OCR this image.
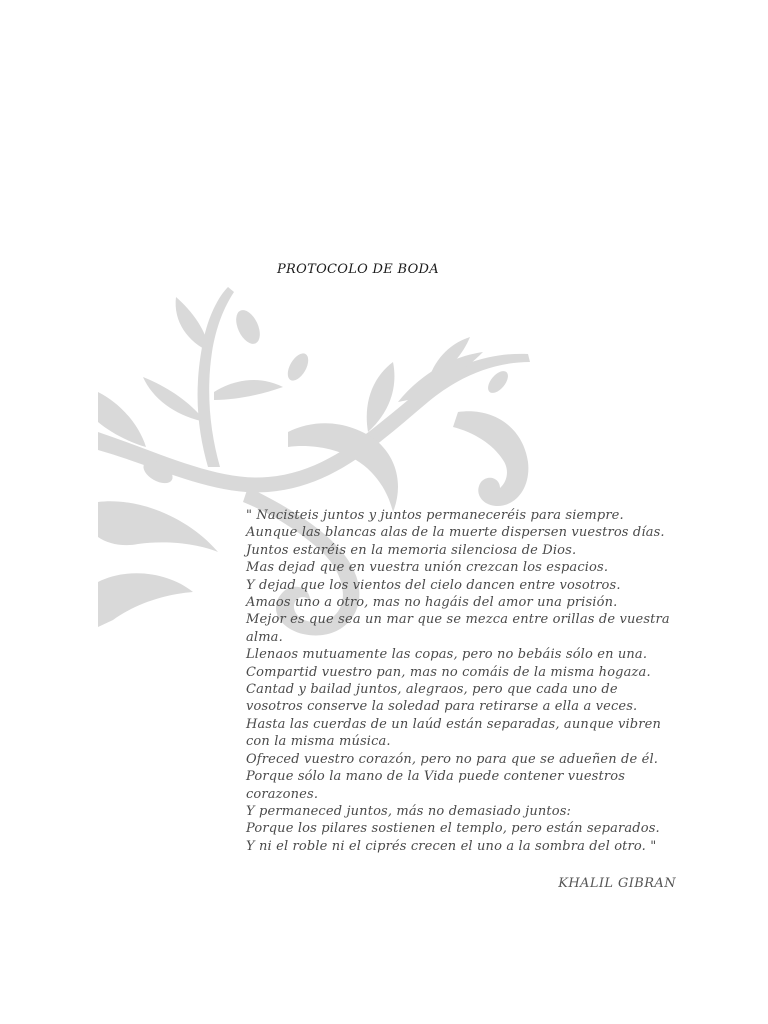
PROTOCOLO DE BODA
" Nacisteis juntos y juntos permaneceréis para siempre.
Aunque las blancas alas de la muerte dispersen vuestros días.
Juntos estaréis en la memoria silenciosa de Dios.
Mas dejad que en vuestra unión crezcan los espacios.
Y dejad que los vientos del cielo dancen entre vosotros.
Amaos uno a otro, mas no hagáis del amor una prisión.
Mejor es que sea un mar que se mezca entre orillas de vuestra
alma.
Llenaos mutuamente las copas, pero no bebáis sólo en una.
Compartid vuestro pan, mas no comáis de la misma hogaza.
Cantad y bailad juntos, alegraos, pero que cada uno de
vosotros conserve la soledad para retirarse a ella a veces.
Hasta las cuerdas de un laúd están separadas, aunque vibren
con la misma música.
Ofreced vuestro corazón, pero no para que se adueñen de él.
Porque sólo la mano de la Vida puede contener vuestros
corazones.
Y permaneced juntos, más no demasiado juntos:
Porque los pilares sostienen el templo, pero están separados.
Y ni el roble ni el ciprés crecen el uno a la sombra del otro. "
KHALIL GIBRAN
